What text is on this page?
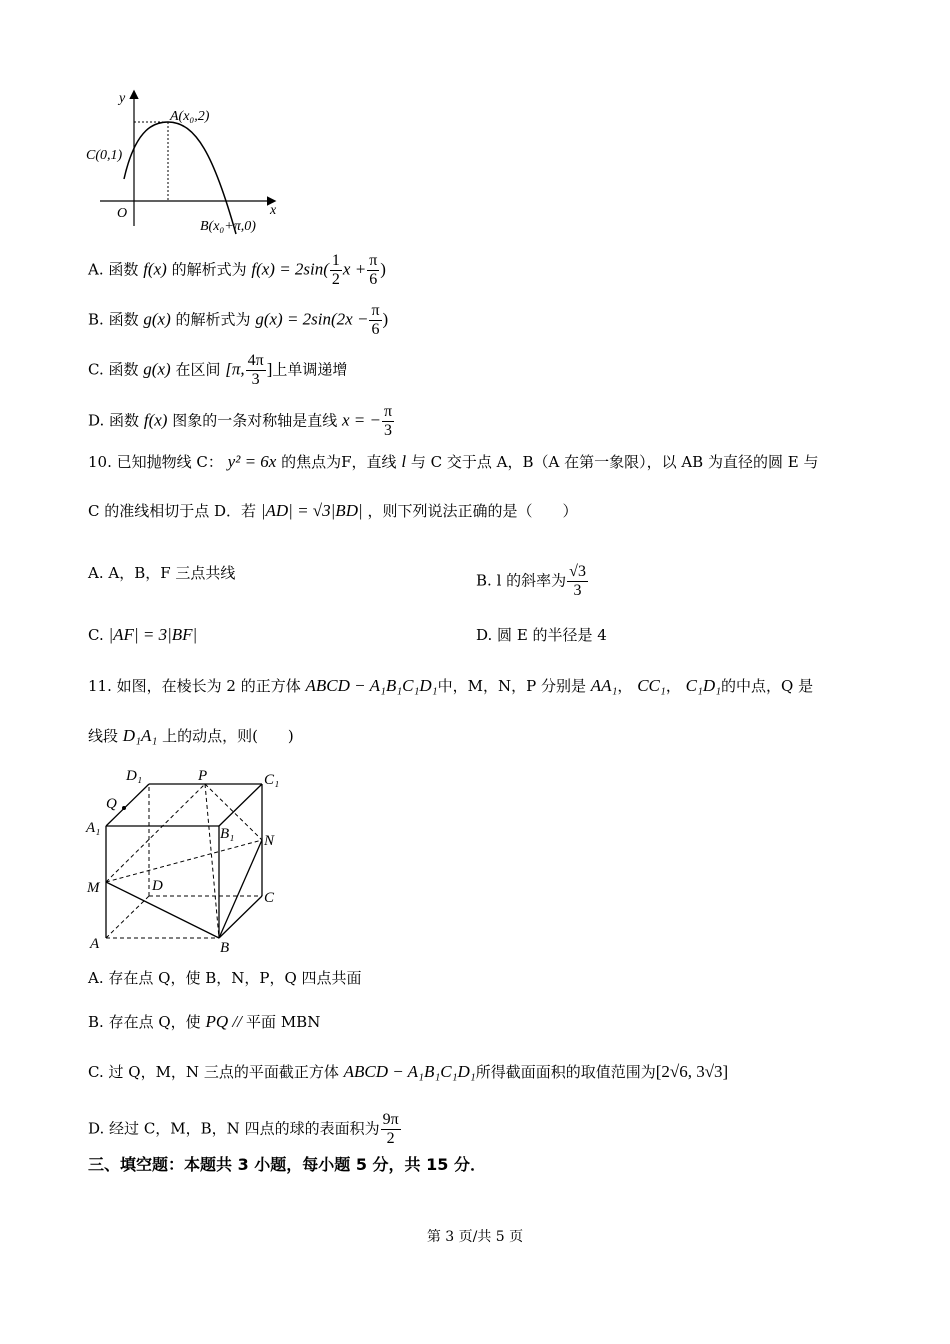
y
x
O
A(x₀,2)
C(0,1)
B(x₀+π,0)
A. 函数 f(x) 的解析式为 $f(x) = 2\sin( \frac{1}{2}$ $x + \frac{\pi}{6}$ )
B. 函数 g(x) 的解析式为 $g(x) = 2\sin(2x - \frac{\pi}{6}$ )
C. 函数 g(x) 在区间 [π, $\frac{4\pi}{3}$ ]上单调递增
D. 函数 f(x) 图象的一条对称轴是直线 x = − $\frac{\pi}{3}$
10. 已知抛物线 C： y² = 6x 的焦点为F，直线 l 与 C 交于点 A，B（A 在第一象限），以 AB 为直径的圆 E 与
C 的准线相切于点 D．若 |AD| = √3|BD| ，则下列说法正确的是（　　）
A. A，B，F 三点共线	B. l 的斜率为 $\frac{√3}{3}$
C. |AF| = 3|BF|	D. 圆 E 的半径是 4
11. 如图，在棱长为 2 的正方体 ABCD − A₁B₁C₁D₁中，M，N，P 分别是 AA₁， CC₁， C₁D₁的中点，Q 是
线段 D₁A₁ 上的动点，则(　　)
D₁	P	C₁
Q
A₁	B₁ N
M	D
C
A	B
A. 存在点 Q，使 B，N，P，Q 四点共面
B. 存在点 Q，使 PQ // 平面 MBN
C. 过 Q，M，N 三点的平面截正方体 ABCD − A₁B₁C₁D₁所得截面面积的取值范围为[2√6, 3√3]
D. 经过 C，M，B，N 四点的球的表面积为 $\frac{9\pi}{2}$
三、填空题：本题共 3 小题，每小题 5 分，共 15 分．
第 3 页/共 5 页
